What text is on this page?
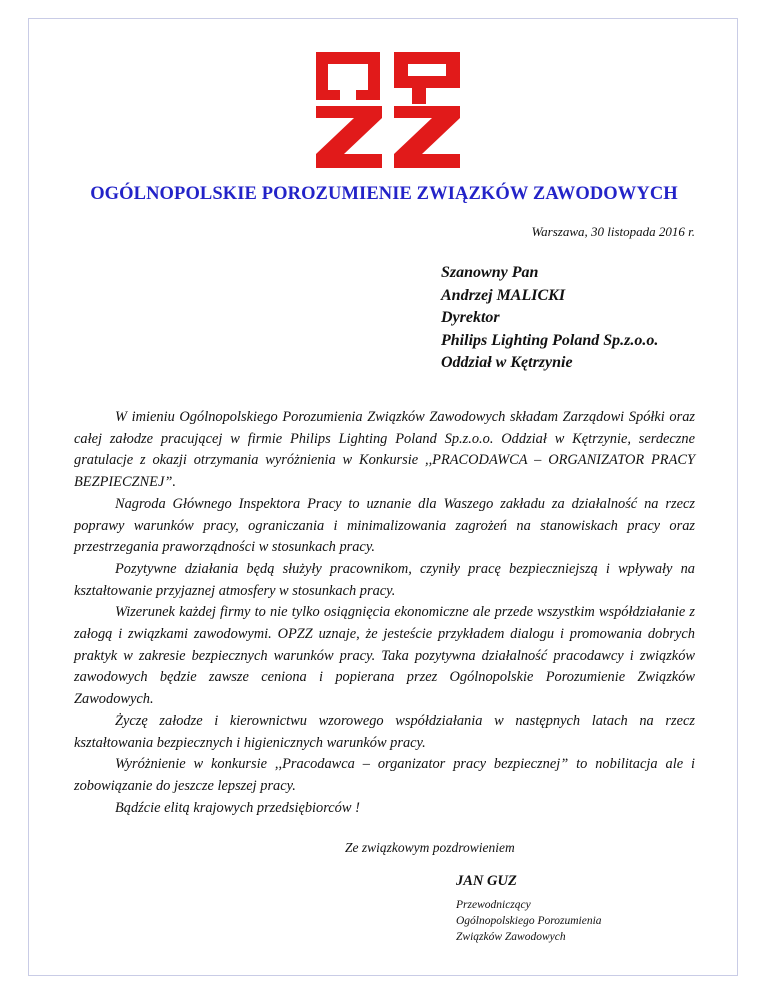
OGÓLNOPOLSKIE POROZUMIENIE ZWIĄZKÓW ZAWODOWYCH
Warszawa, 30 listopada 2016 r.
Szanowny Pan
Andrzej MALICKI
Dyrektor
Philips Lighting Poland Sp.z.o.o.
Oddział w Kętrzynie

W imieniu Ogólnopolskiego Porozumienia Związków Zawodowych składam Zarządowi Spółki oraz całej załodze pracującej w firmie Philips Lighting Poland Sp.z.o.o. Oddział w Kętrzynie, serdeczne gratulacje z okazji otrzymania wyróżnienia w Konkursie ,,PRACODAWCA – ORGANIZATOR PRACY BEZPIECZNEJ”.

Nagroda Głównego Inspektora Pracy to uznanie dla Waszego zakładu za działalność na rzecz poprawy warunków pracy, ograniczania i minimalizowania zagrożeń na stanowiskach pracy oraz przestrzegania praworządności w stosunkach pracy.

Pozytywne działania będą służyły pracownikom, czyniły pracę bezpieczniejszą i wpływały na kształtowanie przyjaznej atmosfery w stosunkach pracy.

Wizerunek każdej firmy to nie tylko osiągnięcia ekonomiczne ale przede wszystkim współdziałanie z załogą i związkami zawodowymi. OPZZ uznaje, że jesteście przykładem dialogu i promowania dobrych praktyk w zakresie bezpiecznych warunków pracy. Taka pozytywna działalność pracodawcy i związków zawodowych będzie zawsze ceniona i popierana przez Ogólnopolskie Porozumienie Związków Zawodowych.

Życzę załodze i kierownictwu wzorowego współdziałania w następnych latach na rzecz kształtowania bezpiecznych i higienicznych warunków pracy.

Wyróżnienie w konkursie ,,Pracodawca – organizator pracy bezpiecznej” to nobilitacja ale i zobowiązanie do jeszcze lepszej pracy.

Bądźcie elitą krajowych przedsiębiorców !

Ze związkowym pozdrowieniem
JAN GUZ
Przewodniczący
Ogólnopolskiego Porozumienia
Związków Zawodowych
